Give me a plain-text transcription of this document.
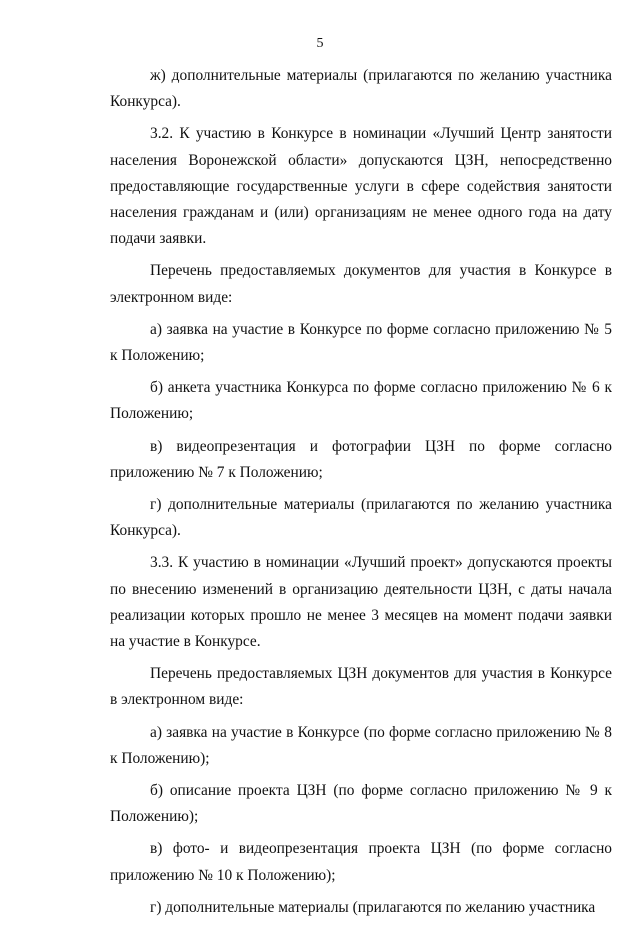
5

ж) дополнительные материалы (прилагаются по желанию участника Конкурса).

3.2. К участию в Конкурсе в номинации «Лучший Центр занятости населения Воронежской области» допускаются ЦЗН, непосредственно предоставляющие государственные услуги в сфере содействия занятости населения гражданам и (или) организациям не менее одного года на дату подачи заявки.

Перечень предоставляемых документов для участия в Конкурсе в электронном виде:

а) заявка на участие в Конкурсе по форме согласно приложению № 5 к Положению;

б) анкета участника Конкурса по форме согласно приложению № 6 к Положению;

в) видеопрезентация и фотографии ЦЗН по форме согласно приложению № 7 к Положению;

г) дополнительные материалы (прилагаются по желанию участника Конкурса).

3.3. К участию в номинации «Лучший проект» допускаются проекты по внесению изменений в организацию деятельности ЦЗН, с даты начала реализации которых прошло не менее 3 месяцев на момент подачи заявки на участие в Конкурсе.

Перечень предоставляемых ЦЗН документов для участия в Конкурсе в электронном виде:

а) заявка на участие в Конкурсе (по форме согласно приложению № 8 к Положению);

б) описание проекта ЦЗН (по форме согласно приложению № 9 к Положению);

в) фото- и видеопрезентация проекта ЦЗН (по форме согласно приложению № 10 к Положению);

г) дополнительные материалы (прилагаются по желанию участника
